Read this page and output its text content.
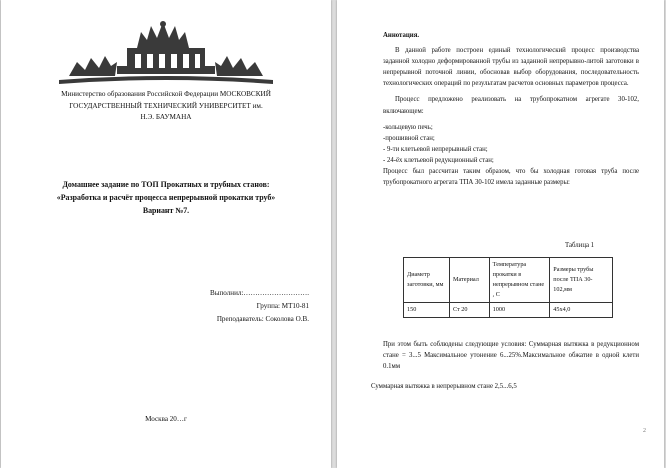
Министерство образования Российской Федерации МОСКОВСКИЙ
ГОСУДАРСТВЕННЫЙ ТЕХНИЧЕСКИЙ УНИВЕРСИТЕТ им.
Н.Э. БАУМАНА
Домашнее задание по ТОП Прокатных и трубных станов:
«Разработка и расчёт процесса непрерывной прокатки труб»
Вариант №7.
Выполнил:……………………….
Группа: МТ10-81
Преподаватель: Соколова О.В.
Москва 20…г
Аннотация.

В данной работе построен единый технологический процесс производства заданной холодно деформированной трубы из заданной непрерывно-литой заготовки в непрерывной поточной линии, обосновав выбор оборудования, последовательность технологических операций по результатам расчетов основных параметров процесса.

Процесс предложено реализовать на трубопрокатном агрегате 30-102, включающем:

-кольцевую печь;
-прошивной стан;
- 9-ти клетьевой непрерывный стан;
- 24-ёх клетьевой редукционный стан;

Процесс был рассчитан таким образом, что бы холодная готовая труба после трубопрокатного агрегата ТПА 30-102 имела заданные размеры:

Таблица 1
Диаметр заготовки, мм	Материал	Температура прокатки в непрерывном стане , С	Размеры трубы после ТПА 30-102,мм
150	Ст 20	1000	45х4,0
При этом быть соблюдены следующие условия: Суммарная вытяжка в редукционном стане = 3...5 Максимальное утонение 6...25%.Максимальное обжатие в одной клети 0.1мм
Суммарная вытяжка в непрерывном стане 2,5...6,5
2
